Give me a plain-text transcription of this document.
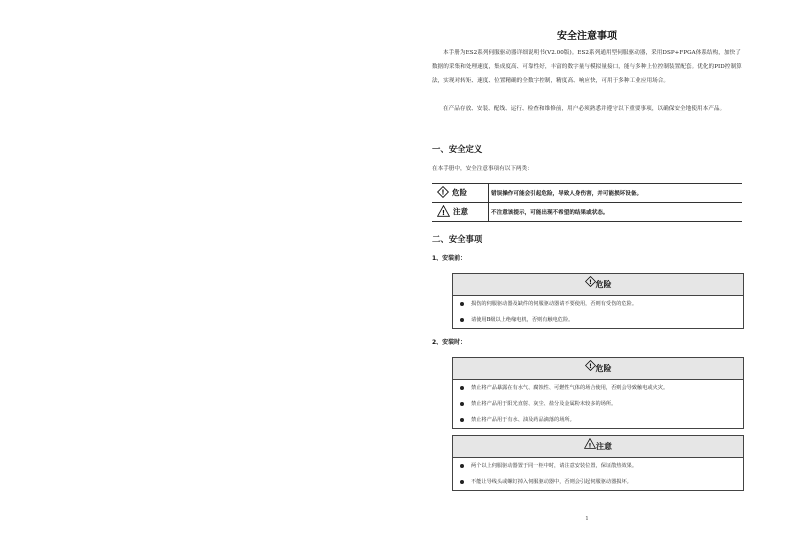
安全注意事项

本手册为ES2系列伺服驱动器详细说明书(V2.00版)。ES2系列通用型伺服驱动器，采用DSP+FPGA体系结构，加快了数据的采集和处理速度，集成度高、可靠性好，丰富的数字量与模拟量接口，能与多种上位控制装置配套。优化的PID控制算法，实现对转矩、速度、位置精确的全数字控制，精度高、响应快，可用于多种工业应用场合。

在产品存放、安装、配线、运行、检查和维修前，用户必须熟悉并遵守以下重要事项，以确保安全地使用本产品。

一、安全定义
在本手册中，安全注意事项有以下两类：
! 危险	错误操作可能会引起危险，导致人身伤害，并可能损坏设备。

! 注意	不注意该提示，可能出现不希望的结果或状态。
二、安全事项
1、安装前：
! 危险
损伤的伺服驱动器及缺件的伺服驱动器请不要使用，否则有受伤的危险。
请使用B级以上绝缘电机，否则有触电危险。
2、安装时：
! 危险
禁止将产品暴露在有水气、腐蚀性、可燃性气体的场合使用，否则会导致触电或火灾。
禁止将产品用于阳光直射、灰尘、盐分及金属粉末较多的场所。
禁止将产品用于有水、油及药品滴落的场所。
! 注意
两个以上伺服驱动器置于同一柜中时，请注意安装位置，保证散热效果。
不能让导线头或螺钉掉入伺服驱动器中，否则会引起伺服驱动器损坏。
1
